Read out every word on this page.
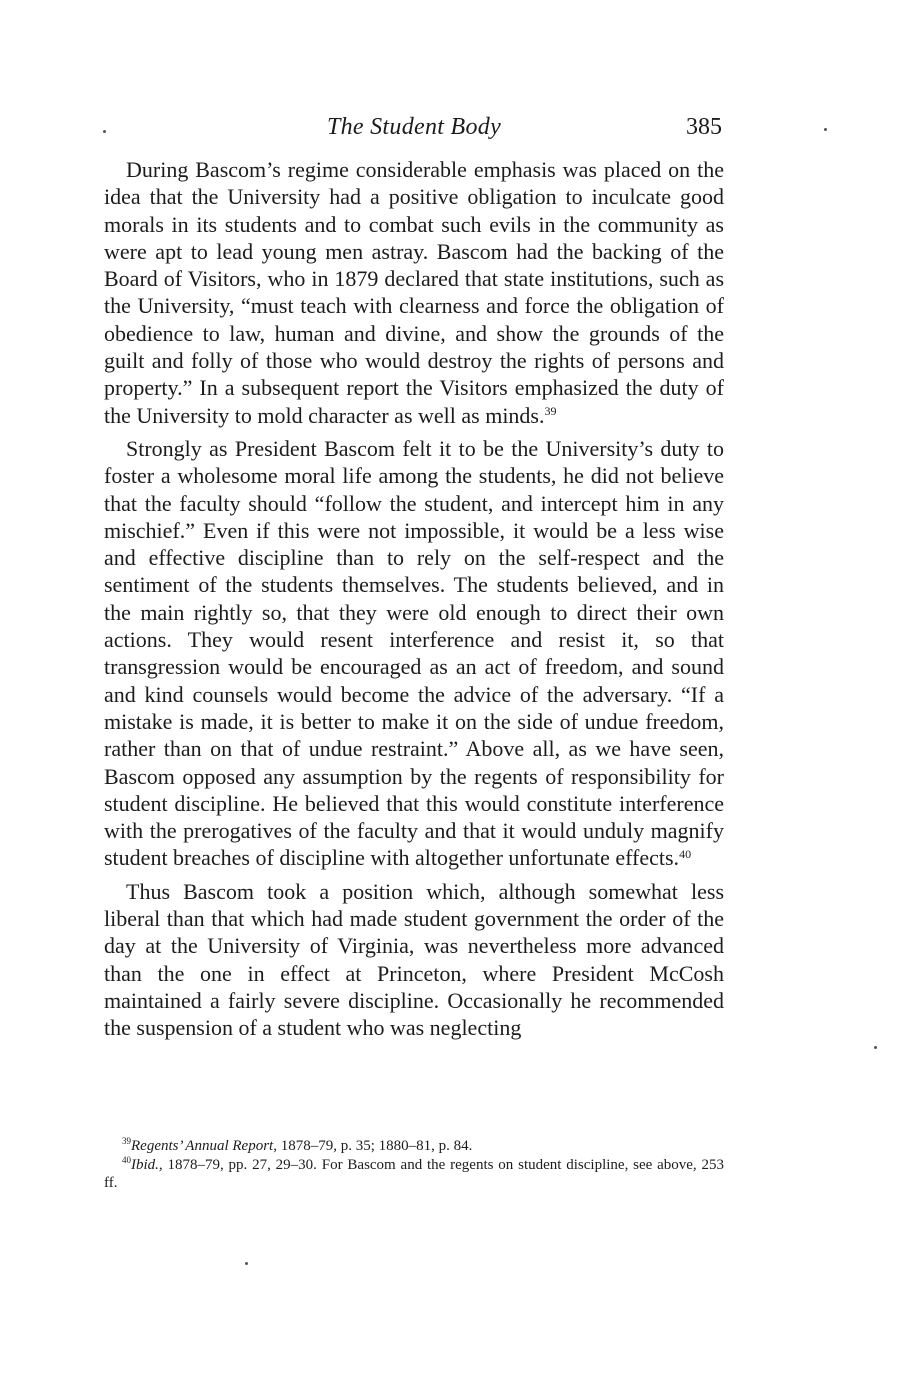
The Student Body	385

During Bascom’s regime considerable emphasis was placed on the idea that the University had a positive obligation to inculcate good morals in its students and to combat such evils in the community as were apt to lead young men astray. Bascom had the backing of the Board of Visitors, who in 1879 declared that state institutions, such as the University, “must teach with clearness and force the obligation of obedience to law, human and divine, and show the grounds of the guilt and folly of those who would destroy the rights of persons and property.” In a subsequent report the Visitors emphasized the duty of the University to mold character as well as minds.$^{39}$

Strongly as President Bascom felt it to be the University’s duty to foster a wholesome moral life among the students, he did not believe that the faculty should “follow the student, and intercept him in any mischief.” Even if this were not impossible, it would be a less wise and effective discipline than to rely on the self-respect and the sentiment of the students themselves. The students believed, and in the main rightly so, that they were old enough to direct their own actions. They would resent interference and resist it, so that transgression would be encouraged as an act of freedom, and sound and kind counsels would become the advice of the adversary. “If a mistake is made, it is better to make it on the side of undue freedom, rather than on that of undue restraint.” Above all, as we have seen, Bascom opposed any assumption by the regents of responsibility for student discipline. He believed that this would constitute interference with the prerogatives of the faculty and that it would unduly magnify student breaches of discipline with altogether unfortunate effects.$^{40}$

Thus Bascom took a position which, although somewhat less liberal than that which had made student government the order of the day at the University of Virginia, was nevertheless more advanced than the one in effect at Princeton, where President McCosh maintained a fairly severe discipline. Occasionally he recommended the suspension of a student who was neglecting

$^{39}$Regents’ Annual Report, 1878–79, p. 35; 1880–81, p. 84.

$^{40}$Ibid., 1878–79, pp. 27, 29–30. For Bascom and the regents on student discipline, see above, 253 ff.
